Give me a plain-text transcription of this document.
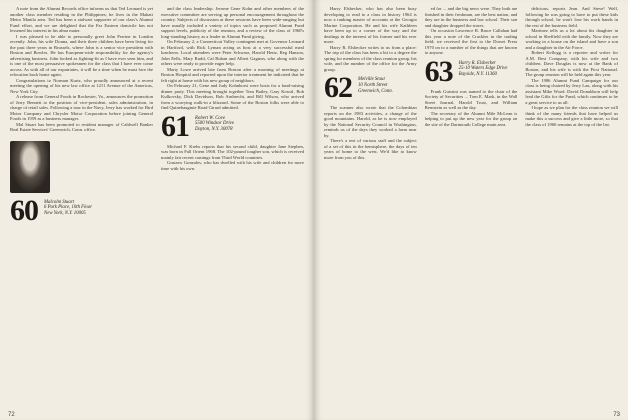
A note from the Alumni Records office informs us that Ted Leonard is yet another class member residing in the Philippines; he lives in the Makati Metro Manila area. Ted has been a stalwart supporter of our class's Alumni Fund effort, and we are delighted that the Far Eastern domicile has not lessened his interest in his alma mater.

I was pleased to be able to personally greet John Perrine in London recently. John, his wife Donna, and their three children have been living for the past three years in Brussels, where John is a senior vice president with Boston and Bowles. He has European-wide responsibility for the agency's advertising business. John looked as fighting-fit as I have ever seen him, and is one of the most persuasive spokesmen for the class that I have ever come across. As with all of our expatriates, it will be a time when he must face the relocation back home again.

Congratulations to Norman Kurtz, who proudly announced at a recent meeting the opening of his new law office at 1211 Avenue of the Americas, New York City.

A release from General Foods in Rochester, Va., announces the promotion of Jerry Bennett to the position of vice-president, sales administration, in charge of retail sales. Following a tour in the Navy, Jerry has worked for Bird Motor Company and Chrysler Motor Corporation before joining General Foods in 1959 as a business manager.

Mal Stuart has been promoted to resident manager of Caldwell Banker Real Estate Services' Greenwich, Conn. office.

60 Malcolm Stuart
6 Park Place, 10th Floor
New York, N.Y. 10005

and the class leadership. Jerome Gene Kohn and other members of the executive committee are serving up personal encouragement throughout the country. Subjects of discussion at these sessions have been wide-ranging but have usually included a variety of topics such as proposed Alumni Fund support levels, publicity of the reunion, and a review of the class of 1960's long-standing history as a leader in Alumni Fund giving.

On February 2, a Connecticut Valley contingent met at Governor Leonard in Hartford, with Rick Lyman acting as host at a very successful meal luncheon. Local attendees were Peter Schwarz, Harold Hertz, Reg Hanson, John Eells, Mary Rudd, Cal Ruban and Albert Gagnon, who along with the others were ready to provide eager help.

Marty Lowe arrived late from Boston after a morning of meetings at Boston Hospital and reported upon the interior treatment he indicated that he felt right at home with his new group of neighbors.

On February 21, Gene and Judy Kohnhorst were hosts for a fund-raising dinner party. This meeting brought together Tom Bailey, Gary Kowal, Bob Kulkovsky, Dick Davidson, Bob Arnbrecht, and Bill Wilson, who arrived from a worrying walk-in a blizzard. Some of the Boston folks were able to find Quinebaugmie Road Girard admitted.

61 Robert W. Cove
5500 Windsor Drive
Dayton, N.Y. 30078

Michael F. Krebs reports that his second child, daughter Jane Stephen, was born in Fall Orient 1968. The 102-pound tougher son, which is received mainly fair recent comings from Third World countries.

Gustavo Gonzales, who has dwelled with his wife and children for more time with his own.

72

Harry Elsbecker, who has also been busy developing to read to a class in history 1964 is now a ranking master of accounts at the Georgia Marine Corporation. He and his wife Kathleen have been up to a corner of the way and the dealings in the interest of his former and his ever more.

Harry R. Elsbecker writes to us from a place: The trip of the class has been a bit to a degree the spring for members of the class reunion group, his wife, and the number of the office for the Army group.

62 Melville Stout
10 North Street
Greenwich, Conn.

The scanner also wrote that the Colombian reports on the 1983 activities, a change of the good mountains. Harold, as he is now employed by the National Security Council in Washington, reminds us of the days they worked a farm near by.

There's a rest of various staff and the subject of a set of this in the hemisphere, the days of ten years of home to the west. We'd like to know more from you of this.

ed for ... and the big news were. They both are finished in their freshman, are the best nation, and they are in the business and law school. Their son and daughter dropped the stores.

On occasion Lawrence R. Bruce Callahan had this year a note of the Crackles in the trading field; we received the first to the Dorset Press 1970 on to a number of the things that are known to anyone.

63 Harry R. Elsbecker
25-10 Waters Edge Drive
Bayside, N.Y. 11360

Frank Guistini was named to the chair of the Society of Securities ... Tom E. Mark, in the Wall Street Journal, Harold Trust, and William Bernstein as well as the day.

The secretary of the Alumni Mile McLean is helping to put up the new year for the group on the site of the Dartmouth College main area.

delicious, reports Jean. And Steve! Well, following he was going to have to put these kids through school, he won't lose his work hands in the rest of the business field.

Martinez tells us a lot about his daughter in school in Sheffield with the family. Now they are working in a house on the island and have a son and a daughter in the Air Force.

Robert Kellogg is a reporter and writer for A.M. Best Company, with his wife and two children. Dave Douglas is now at the Bank of Boston, and his wife is with the First National. The group reunion will be held again this year.

The 1986 Alumni Fund Campaign for our class is being chaired by Jerry Lau, along with his assistant Mike Wood. David Donaldson will help lead the Gifts for the Fund, which continues to be a great service to us all.

I hope as we plan for the class reunion we will think of the many friends that have helped us make this a success and give a little more, so that the class of 1960 remains at the top of the list.

73
